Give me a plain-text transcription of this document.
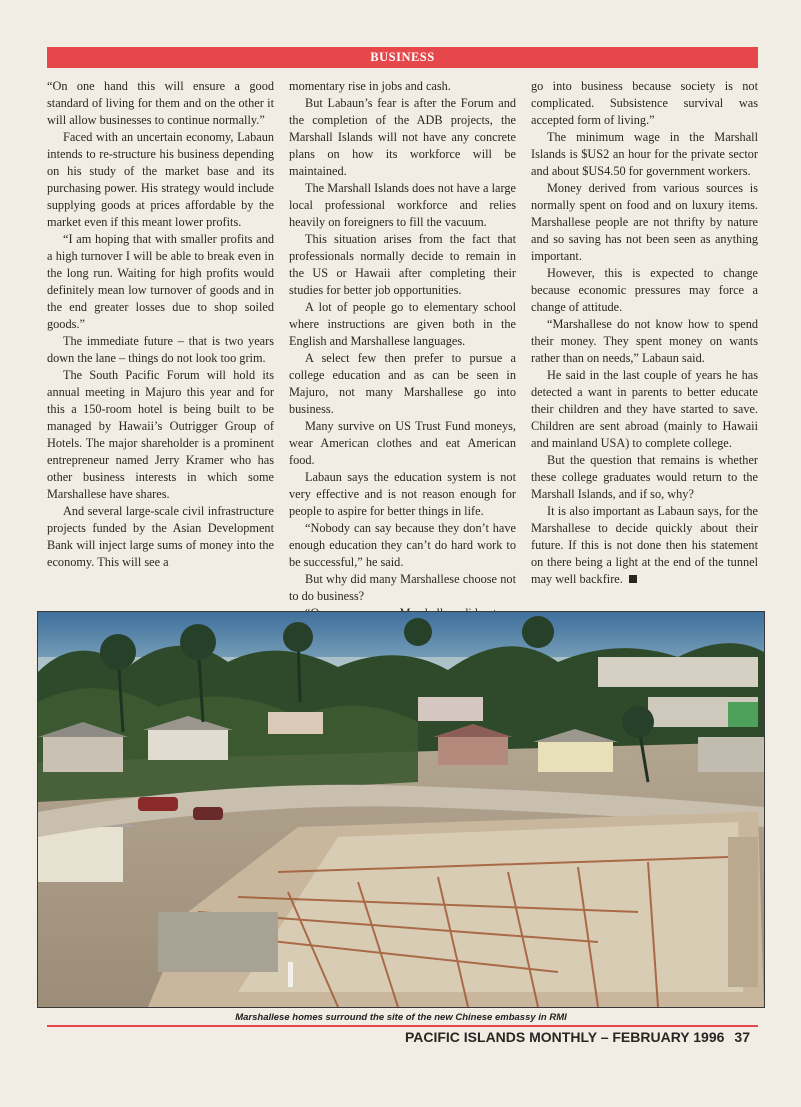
BUSINESS

“On one hand this will ensure a good standard of living for them and on the other it will allow businesses to continue normally.”

Faced with an uncertain economy, Labaun intends to re-structure his business depending on his study of the market base and its purchasing power. His strategy would include supplying goods at prices affordable by the market even if this meant lower profits.

“I am hoping that with smaller profits and a high turnover I will be able to break even in the long run. Waiting for high profits would definitely mean low turnover of goods and in the end greater losses due to shop soiled goods.”

The immediate future – that is two years down the lane – things do not look too grim.

The South Pacific Forum will hold its annual meeting in Majuro this year and for this a 150-room hotel is being built to be managed by Hawaii’s Outrigger Group of Hotels. The major shareholder is a prominent entrepreneur named Jerry Kramer who has other business interests in which some Marshallese have shares.

And several large-scale civil infrastructure projects funded by the Asian Development Bank will inject large sums of money into the economy. This will see a

momentary rise in jobs and cash.

But Labaun’s fear is after the Forum and the completion of the ADB projects, the Marshall Islands will not have any concrete plans on how its workforce will be maintained.

The Marshall Islands does not have a large local professional workforce and relies heavily on foreigners to fill the vacuum.

This situation arises from the fact that professionals normally decide to remain in the US or Hawaii after completing their studies for better job opportunities.

A lot of people go to elementary school where instructions are given both in the English and Marshallese languages.

A select few then prefer to pursue a college education and as can be seen in Majuro, not many Marshallese go into business.

Many survive on US Trust Fund moneys, wear American clothes and eat American food.

Labaun says the education system is not very effective and is not reason enough for people to aspire for better things in life.

“Nobody can say because they don’t have enough education they can’t do hard work to be successful,” he said.

But why did many Marshallese choose not to do business?

go into business because society is not complicated. Subsistence survival was accepted form of living.”

The minimum wage in the Marshall Islands is $US2 an hour for the private sector and about $US4.50 for government workers.

Money derived from various sources is normally spent on food and on luxury items. Marshallese people are not thrifty by nature and so saving has not been seen as anything important.

However, this is expected to change because economic pressures may force a change of attitude.

“Marshallese do not know how to spend their money. They spent money on wants rather than on needs,” Labaun said.

He said in the last couple of years he has detected a want in parents to better educate their children and they have started to save. Children are sent abroad (mainly to Hawaii and mainland USA) to complete college.

But the question that remains is whether these college graduates would return to the Marshall Islands, and if so, why?

It is also important as Labaun says, for the Marshallese to decide quickly about their future. If this is not done then his statement on there being a light at the end of the tunnel may well backfire.

Marshallese homes surround the site of the new Chinese embassy in RMI
PACIFIC ISLANDS MONTHLY – FEBRUARY 1996 37
